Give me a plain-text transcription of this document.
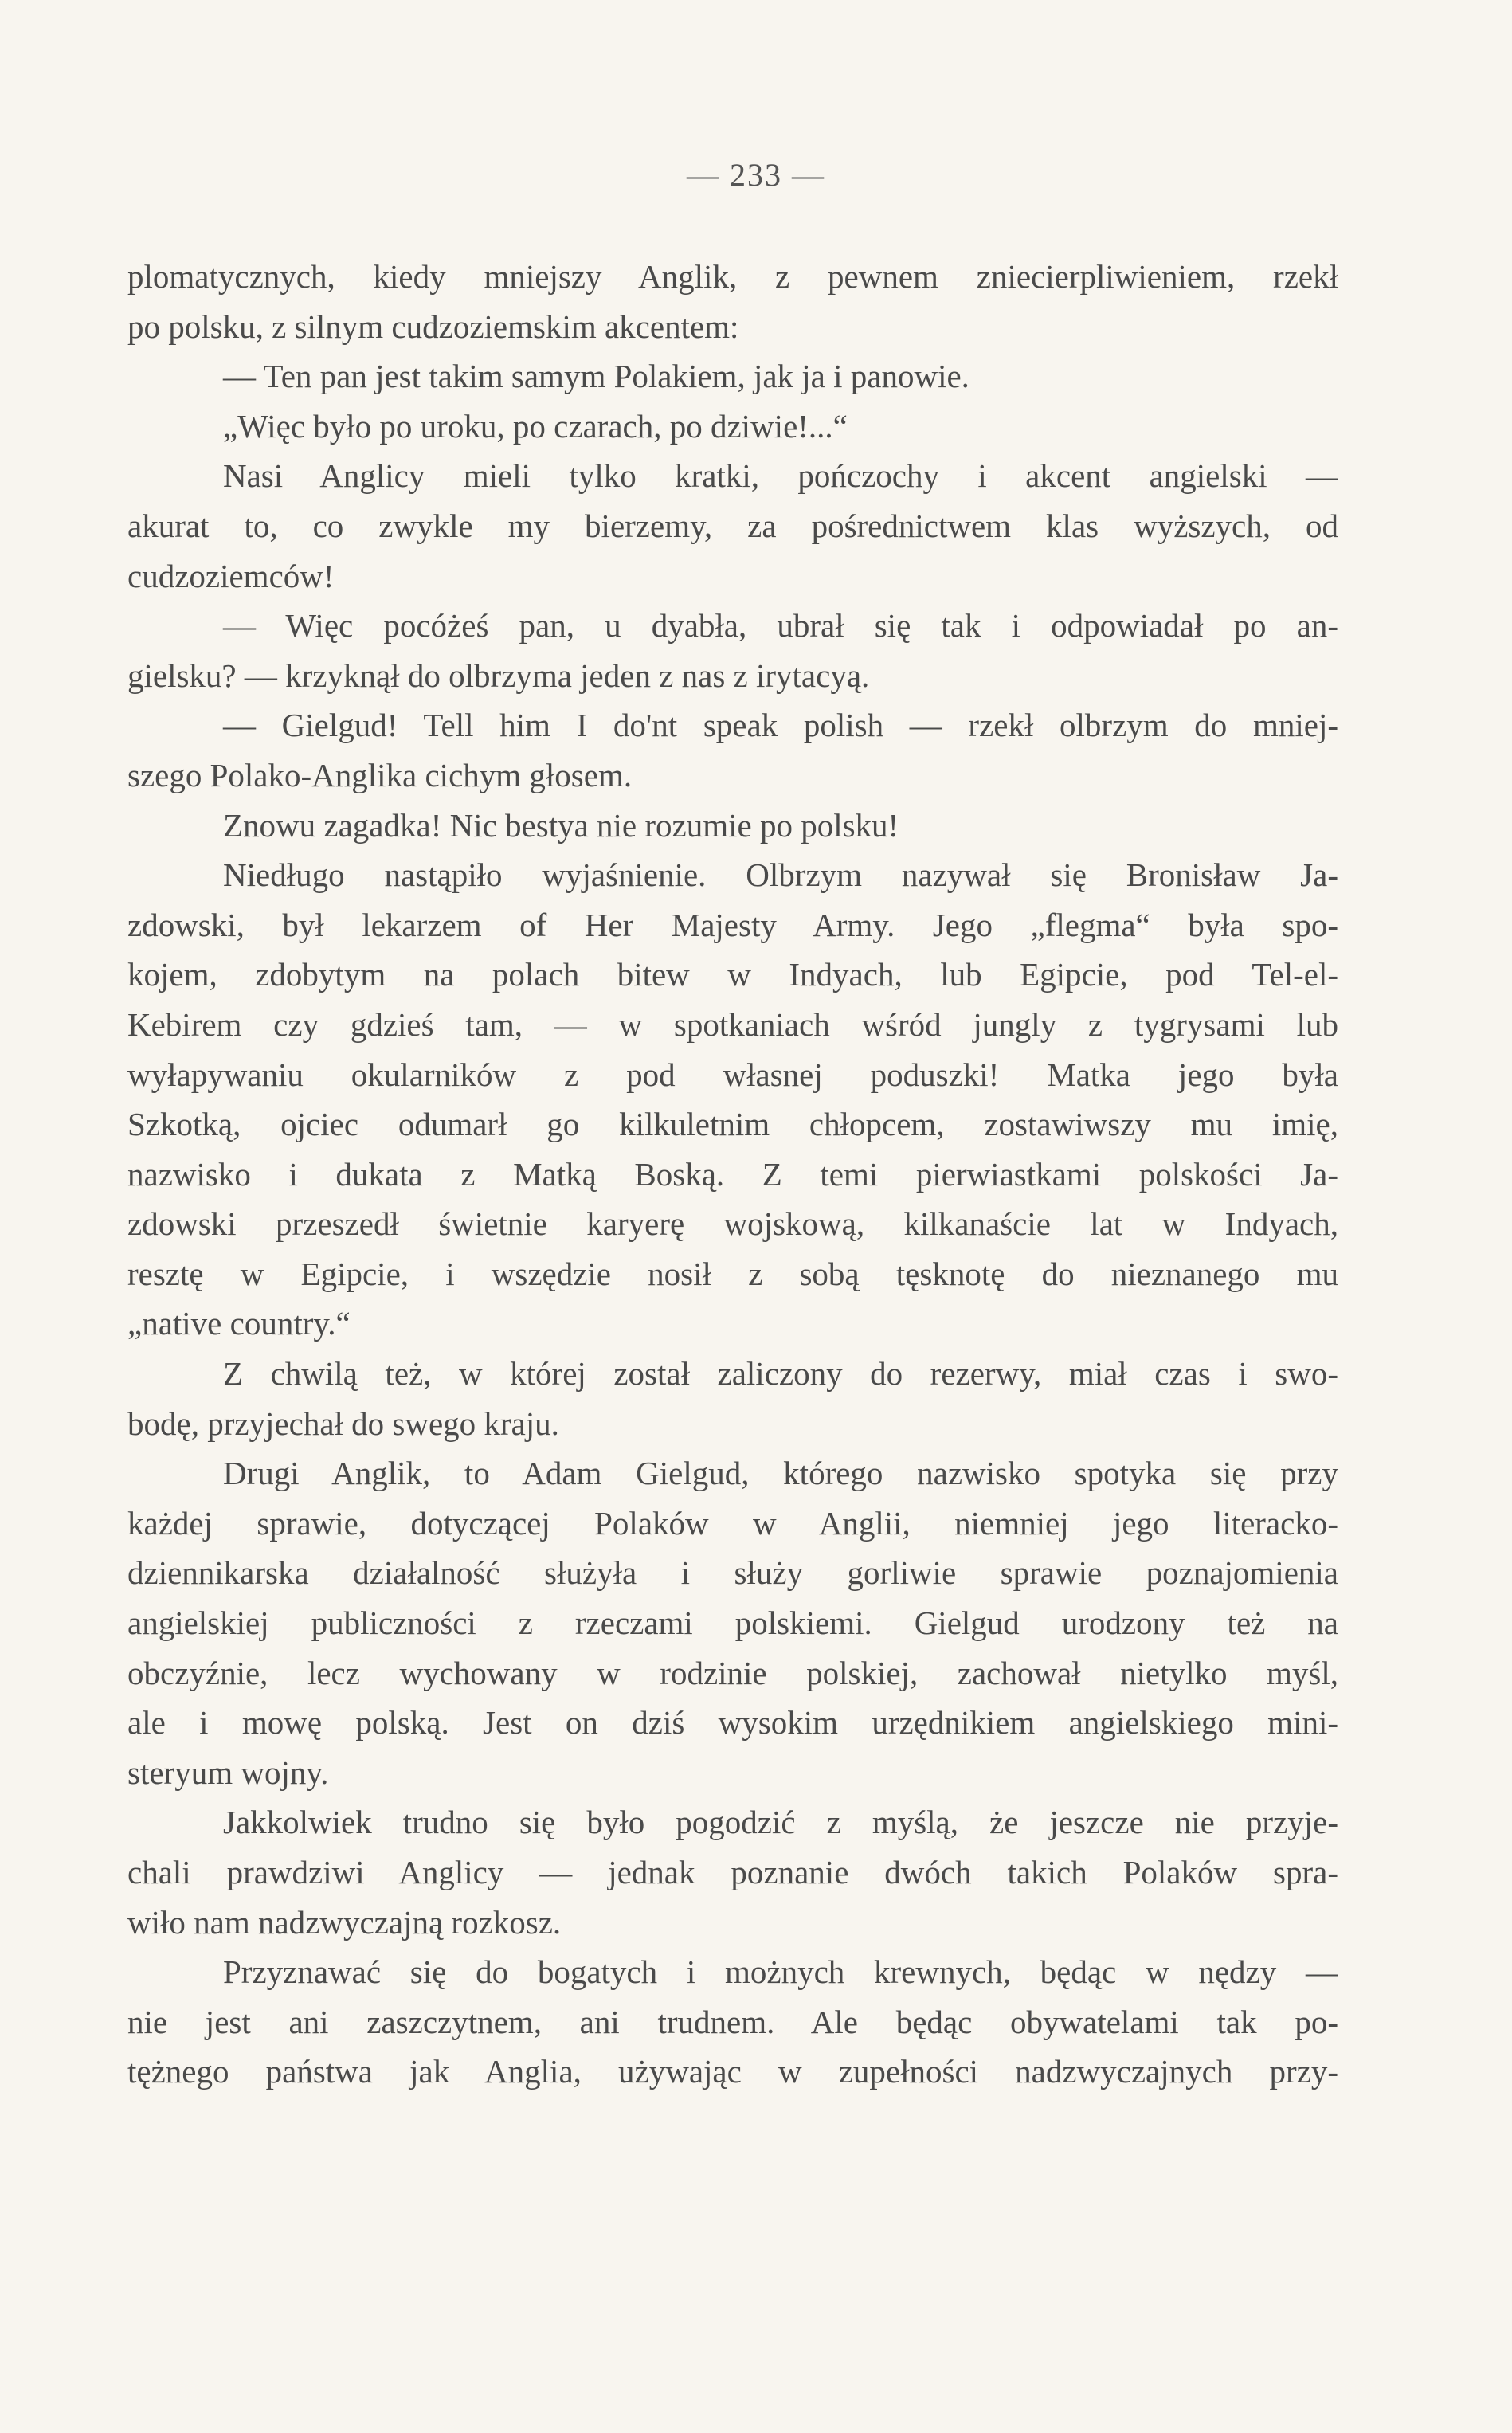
— 233 —
plomatycznych, kiedy mniejszy Anglik, z pewnem zniecierpliwieniem, rzekł
po polsku, z silnym cudzoziemskim akcentem:
— Ten pan jest takim samym Polakiem, jak ja i panowie.
„Więc było po uroku, po czarach, po dziwie!...“
Nasi Anglicy mieli tylko kratki, pończochy i akcent angielski —
akurat to, co zwykle my bierzemy, za pośrednictwem klas wyższych, od
cudzoziemców!
— Więc pocóżeś pan, u dyabła, ubrał się tak i odpowiadał po an-
gielsku? — krzyknął do olbrzyma jeden z nas z irytacyą.
— Gielgud! Tell him I do'nt speak polish — rzekł olbrzym do mniej-
szego Polako-Anglika cichym głosem.
Znowu zagadka! Nic bestya nie rozumie po polsku!
Niedługo nastąpiło wyjaśnienie. Olbrzym nazywał się Bronisław Ja-
zdowski, był lekarzem of Her Majesty Army. Jego „flegma“ była spo-
kojem, zdobytym na polach bitew w Indyach, lub Egipcie, pod Tel-el-
Kebirem czy gdzieś tam, — w spotkaniach wśród jungly z tygrysami lub
wyłapywaniu okularników z pod własnej poduszki! Matka jego była
Szkotką, ojciec odumarł go kilkuletnim chłopcem, zostawiwszy mu imię,
nazwisko i dukata z Matką Boską. Z temi pierwiastkami polskości Ja-
zdowski przeszedł świetnie karyerę wojskową, kilkanaście lat w Indyach,
resztę w Egipcie, i wszędzie nosił z sobą tęsknotę do nieznanego mu
„native country.“
Z chwilą też, w której został zaliczony do rezerwy, miał czas i swo-
bodę, przyjechał do swego kraju.
Drugi Anglik, to Adam Gielgud, którego nazwisko spotyka się przy
każdej sprawie, dotyczącej Polaków w Anglii, niemniej jego literacko-
dziennikarska działalność służyła i służy gorliwie sprawie poznajomienia
angielskiej publiczności z rzeczami polskiemi. Gielgud urodzony też na
obczyźnie, lecz wychowany w rodzinie polskiej, zachował nietylko myśl,
ale i mowę polską. Jest on dziś wysokim urzędnikiem angielskiego mini-
steryum wojny.
Jakkolwiek trudno się było pogodzić z myślą, że jeszcze nie przyje-
chali prawdziwi Anglicy — jednak poznanie dwóch takich Polaków spra-
wiło nam nadzwyczajną rozkosz.
Przyznawać się do bogatych i możnych krewnych, będąc w nędzy —
nie jest ani zaszczytnem, ani trudnem. Ale będąc obywatelami tak po-
tężnego państwa jak Anglia, używając w zupełności nadzwyczajnych przy-
